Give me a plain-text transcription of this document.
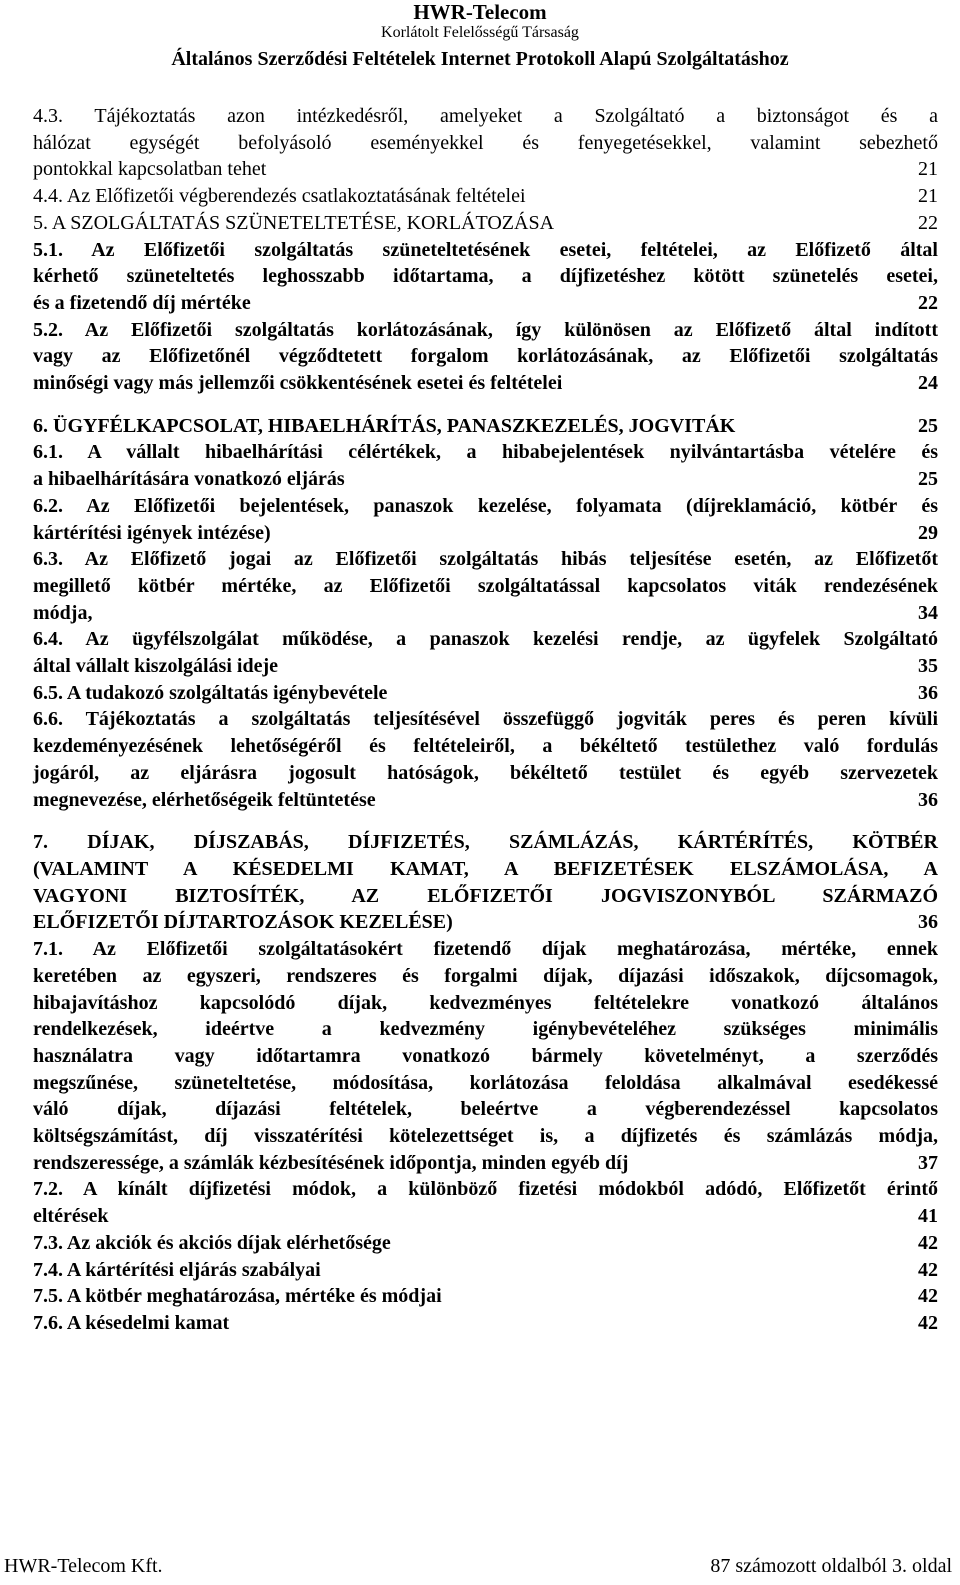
HWR-Telecom
Korlátolt Felelősségű Társaság
Általános Szerződési Feltételek Internet Protokoll Alapú Szolgáltatáshoz
4.3. Tájékoztatás azon intézkedésről, amelyeket a Szolgáltató a biztonságot és a
hálózat egységét befolyásoló eseményekkel és fenyegetésekkel, valamint sebezhető
pontokkal kapcsolatban tehet	21
4.4. Az Előfizetői végberendezés csatlakoztatásának feltételei	21
5. A SZOLGÁLTATÁS SZÜNETELTETÉSE, KORLÁTOZÁSA	22
5.1. Az Előfizetői szolgáltatás szüneteltetésének esetei, feltételei, az Előfizető által
kérhető szüneteltetés leghosszabb időtartama, a díjfizetéshez kötött szünetelés esetei,
és a fizetendő díj mértéke	22
5.2. Az Előfizetői szolgáltatás korlátozásának, így különösen az Előfizető által indított
vagy az Előfizetőnél végződtetett forgalom korlátozásának, az Előfizetői szolgáltatás
minőségi vagy más jellemzői csökkentésének esetei és feltételei	24
6. ÜGYFÉLKAPCSOLAT, HIBAELHÁRÍTÁS, PANASZKEZELÉS, JOGVITÁK	25
6.1. A vállalt hibaelhárítási célértékek, a hibabejelentések nyilvántartásba vételére és
a hibaelhárítására vonatkozó eljárás	25
6.2. Az Előfizetői bejelentések, panaszok kezelése, folyamata (díjreklamáció, kötbér és
kártérítési igények intézése)	29
6.3. Az Előfizető jogai az Előfizetői szolgáltatás hibás teljesítése esetén, az Előfizetőt
megillető kötbér mértéke, az Előfizetői szolgáltatással kapcsolatos viták rendezésének
módja,	34
6.4. Az ügyfélszolgálat működése, a panaszok kezelési rendje, az ügyfelek Szolgáltató
által vállalt kiszolgálási ideje	35
6.5. A tudakozó szolgáltatás igénybevétele	36
6.6. Tájékoztatás a szolgáltatás teljesítésével összefüggő jogviták peres és peren kívüli
kezdeményezésének lehetőségéről és feltételeiről, a békéltető testülethez való fordulás
jogáról, az eljárásra jogosult hatóságok, békéltető testület és egyéb szervezetek
megnevezése, elérhetőségeik feltüntetése	36
7. DÍJAK, DÍJSZABÁS, DÍJFIZETÉS, SZÁMLÁZÁS, KÁRTÉRÍTÉS, KÖTBÉR
(VALAMINT A KÉSEDELMI KAMAT, A BEFIZETÉSEK ELSZÁMOLÁSA, A
VAGYONI BIZTOSÍTÉK, AZ ELŐFIZETŐI JOGVISZONYBÓL SZÁRMAZÓ
ELŐFIZETŐI DÍJTARTOZÁSOK KEZELÉSE)	36
7.1. Az Előfizetői szolgáltatásokért fizetendő díjak meghatározása, mértéke, ennek
keretében az egyszeri, rendszeres és forgalmi díjak, díjazási időszakok, díjcsomagok,
hibajavításhoz kapcsolódó díjak, kedvezményes feltételekre vonatkozó általános
rendelkezések, ideértve a kedvezmény igénybevételéhez szükséges minimális
használatra vagy időtartamra vonatkozó bármely követelményt, a szerződés
megszűnése, szüneteltetése, módosítása, korlátozása feloldása alkalmával esedékessé
váló díjak, díjazási feltételek, beleértve a végberendezéssel kapcsolatos
költségszámítást, díj visszatérítési kötelezettséget is, a díjfizetés és számlázás módja,
rendszeressége, a számlák kézbesítésének időpontja, minden egyéb díj	37
7.2. A kínált díjfizetési módok, a különböző fizetési módokból adódó, Előfizetőt érintő
eltérések	41
7.3. Az akciók és akciós díjak elérhetősége	42
7.4. A kártérítési eljárás szabályai	42
7.5. A kötbér meghatározása, mértéke és módjai	42
7.6. A késedelmi kamat	42
HWR-Telecom Kft.	87 számozott oldalból 3. oldal
